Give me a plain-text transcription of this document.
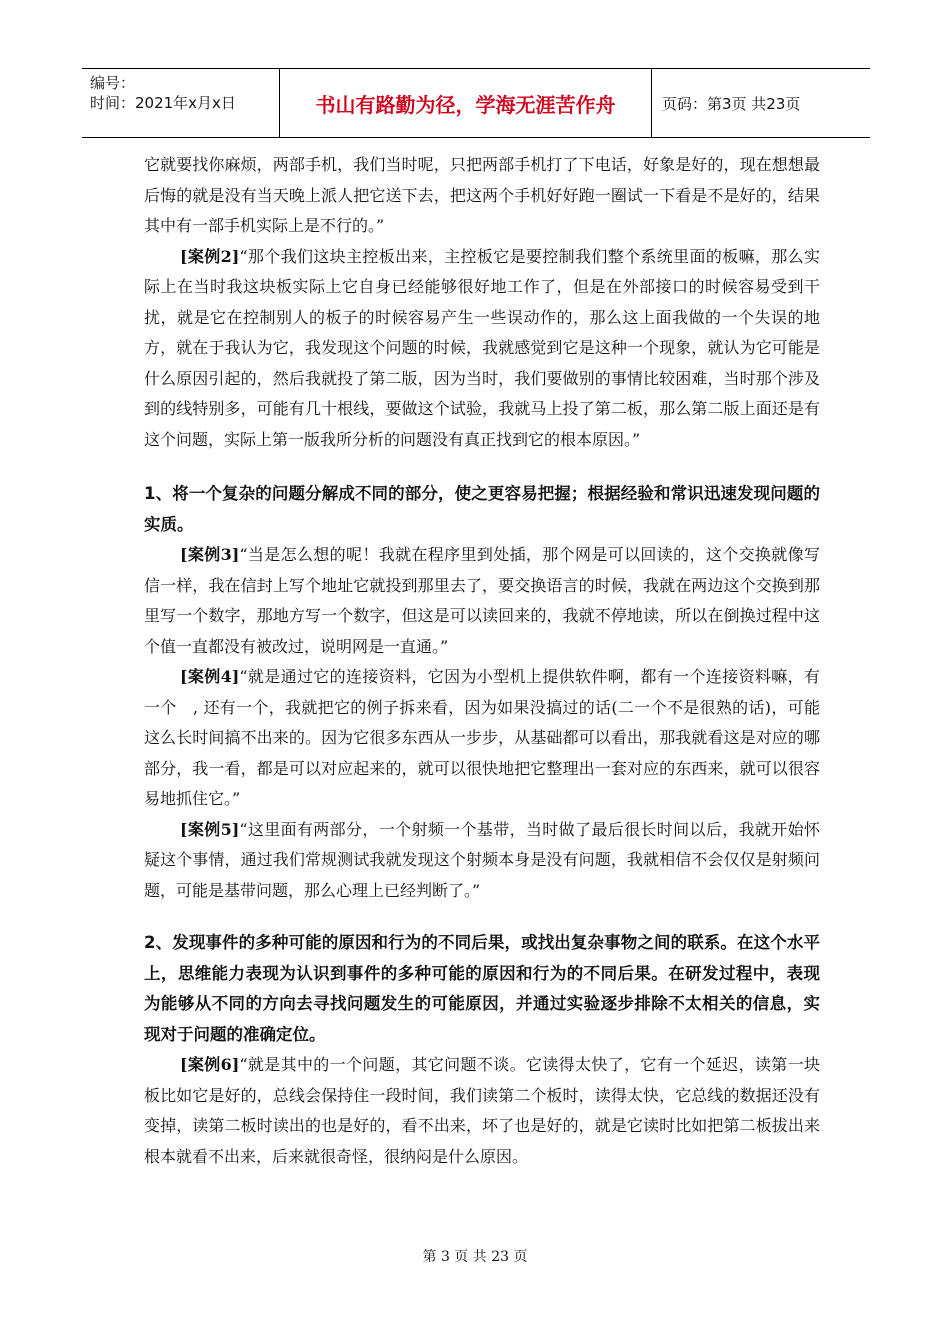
编号：
时间：2021年x月x日	书山有路勤为径，学海无涯苦作舟	页码：第3页 共23页

它就要找你麻烦，两部手机，我们当时呢，只把两部手机打了下电话，好象是好的，现在想想最后悔的就是没有当天晚上派人把它送下去，把这两个手机好好跑一圈试一下看是不是好的，结果其中有一部手机实际上是不行的。”

[案例2]“那个我们这块主控板出来，主控板它是要控制我们整个系统里面的板嘛，那么实际上在当时我这块板实际上它自身已经能够很好地工作了，但是在外部接口的时候容易受到干扰，就是它在控制别人的板子的时候容易产生一些误动作的，那么这上面我做的一个失误的地方，就在于我认为它，我发现这个问题的时候，我就感觉到它是这种一个现象，就认为它可能是什么原因引起的，然后我就投了第二版，因为当时，我们要做别的事情比较困难，当时那个涉及到的线特别多，可能有几十根线，要做这个试验，我就马上投了第二板，那么第二版上面还是有这个问题，实际上第一版我所分析的问题没有真正找到它的根本原因。”

1、将一个复杂的问题分解成不同的部分，使之更容易把握；根据经验和常识迅速发现问题的实质。

[案例3]“当是怎么想的呢！我就在程序里到处插，那个网是可以回读的，这个交换就像写信一样，我在信封上写个地址它就投到那里去了，要交换语言的时候，我就在两边这个交换到那里写一个数字，那地方写一个数字，但这是可以读回来的，我就不停地读，所以在倒换过程中这个值一直都没有被改过，说明网是一直通。”

[案例4]“就是通过它的连接资料，它因为小型机上提供软件啊，都有一个连接资料嘛，有一个　, 还有一个，我就把它的例子拆来看，因为如果没搞过的话(二一个不是很熟的话)，可能这么长时间搞不出来的。因为它很多东西从一步步，从基础都可以看出，那我就看这是对应的哪部分，我一看，都是可以对应起来的，就可以很快地把它整理出一套对应的东西来，就可以很容易地抓住它。”

[案例5]“这里面有两部分，一个射频一个基带，当时做了最后很长时间以后，我就开始怀疑这个事情，通过我们常规测试我就发现这个射频本身是没有问题，我就相信不会仅仅是射频问题，可能是基带问题，那么心理上已经判断了。”

2、发现事件的多种可能的原因和行为的不同后果，或找出复杂事物之间的联系。在这个水平上，思维能力表现为认识到事件的多种可能的原因和行为的不同后果。在研发过程中，表现为能够从不同的方向去寻找问题发生的可能原因，并通过实验逐步排除不太相关的信息，实现对于问题的准确定位。

[案例6]“就是其中的一个问题，其它问题不谈。它读得太快了，它有一个延迟，读第一块板比如它是好的，总线会保持住一段时间，我们读第二个板时，读得太快，它总线的数据还没有变掉，读第二板时读出的也是好的，看不出来，坏了也是好的，就是它读时比如把第二板拔出来根本就看不出来，后来就很奇怪，很纳闷是什么原因。

第 3 页 共 23 页
